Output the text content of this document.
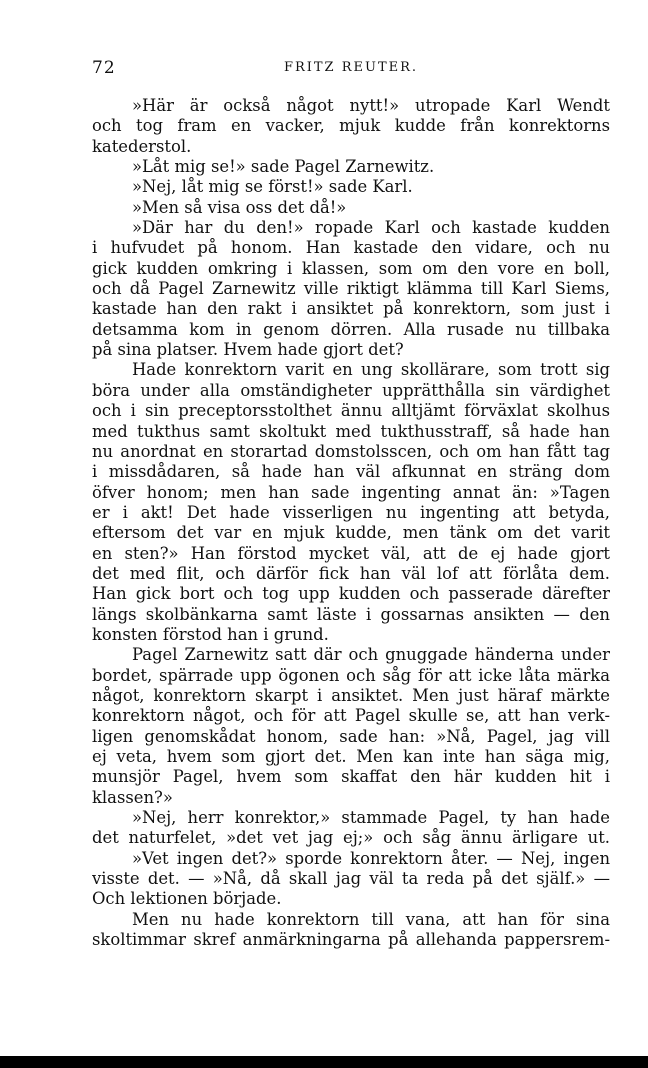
72	FRITZ REUTER.
»Här är också något nytt!» utropade Karl Wendt
och tog fram en vacker, mjuk kudde från konrektorns
katederstol.
»Låt mig se!» sade Pagel Zarnewitz.
»Nej, låt mig se först!» sade Karl.
»Men så visa oss det då!»
»Där har du den!» ropade Karl och kastade kudden
i hufvudet på honom. Han kastade den vidare, och nu
gick kudden omkring i klassen, som om den vore en boll,
och då Pagel Zarnewitz ville riktigt klämma till Karl Siems,
kastade han den rakt i ansiktet på konrektorn, som just i
detsamma kom in genom dörren. Alla rusade nu tillbaka
på sina platser. Hvem hade gjort det?
Hade konrektorn varit en ung skollärare, som trott sig
böra under alla omständigheter upprätthålla sin värdighet
och i sin preceptorsstolthet ännu alltjämt förväxlat skolhus
med tukthus samt skoltukt med tukthusstraff, så hade han
nu anordnat en storartad domstolsscen, och om han fått tag
i missdådaren, så hade han väl afkunnat en sträng dom
öfver honom; men han sade ingenting annat än: »Tagen
er i akt! Det hade visserligen nu ingenting att betyda,
eftersom det var en mjuk kudde, men tänk om det varit
en sten?» Han förstod mycket väl, att de ej hade gjort
det med flit, och därför fick han väl lof att förlåta dem.
Han gick bort och tog upp kudden och passerade därefter
längs skolbänkarna samt läste i gossarnas ansikten — den
konsten förstod han i grund.
Pagel Zarnewitz satt där och gnuggade händerna under
bordet, spärrade upp ögonen och såg för att icke låta märka
något, konrektorn skarpt i ansiktet. Men just häraf märkte
konrektorn något, och för att Pagel skulle se, att han verk-
ligen genomskådat honom, sade han: »Nå, Pagel, jag vill
ej veta, hvem som gjort det. Men kan inte han säga mig,
munsjör Pagel, hvem som skaffat den här kudden hit i
klassen?»
»Nej, herr konrektor,» stammade Pagel, ty han hade
det naturfelet, »det vet jag ej;» och såg ännu ärligare ut.
»Vet ingen det?» sporde konrektorn åter. — Nej, ingen
visste det. — »Nå, då skall jag väl ta reda på det själf.» —
Och lektionen började.
Men nu hade konrektorn till vana, att han för sina
skoltimmar skref anmärkningarna på allehanda pappersrem-
